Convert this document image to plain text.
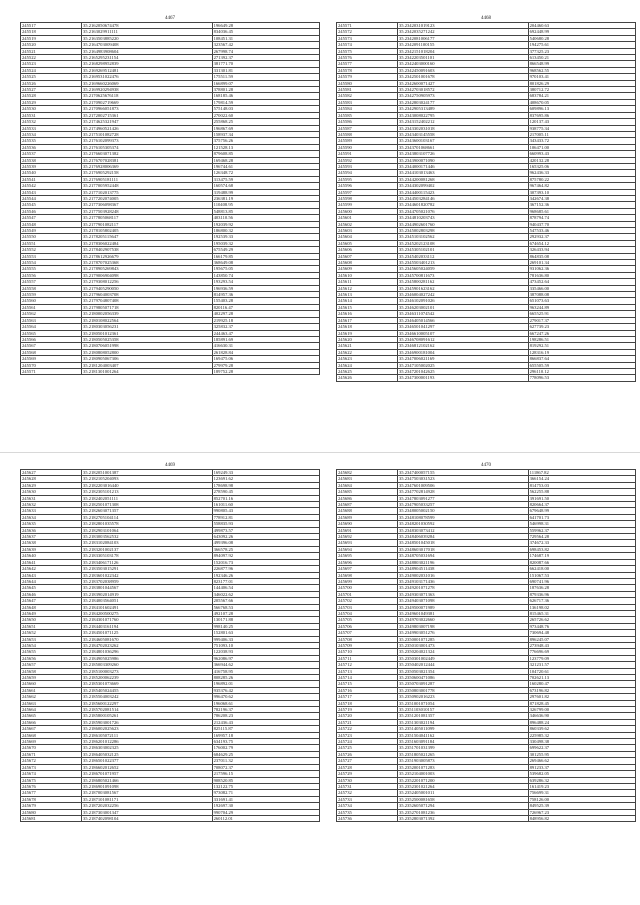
4467
245517	35.2162050674478	196649.28
245518	35.2163029911111	834036.45
245519	35.2163503885220	108451.31
245520	35.2164703009408	323567.42
245521	35.2164983908604	267998.74
245522	35.2165295231154	271392.37
245523	35.2168298952839	381771.70
245524	35.2169269512481	331301.81
245525	35.2169531022476	175511.59
245526	35.2169660226069	166899.07
245527	35.2169920294938	378801.28
245528	35.2170625676118	168185.46
245529	35.2170902719669	179814.59
245530	35.2170966051873	575148.03
245531	35.2172002715361	270022.60
245532	35.2174625321947	255868.25
245533	35.2174960521426	196867.69
245534	35.2175101082728	158937.34
245535	35.2176102099373	375756.26
245536	35.2176105305374	121528.13
245537	35.2176603071382	879608.85
245538	35.2176707028381	169468.28
245539	35.2176928006369	196744.61
245540	35.2176905292158	126348.72
245541	35.2176905181111	313475.59
245542	35.2177005952448	160574.68
245543	35.2177102013775	319488.99
245544	35.2177202074005	236381.19
245545	35.2177306098367	110408.95
245546	35.2177503928248	548813.85
245547	35.2177805068117	403110.56
245548	35.2177901082117	192039.92
245549	35.2178105802405	186800.32
245550	35.2178205115647	192539.33
245551	35.2178306022484	195039.32
245552	35.2178402907538	675549.29
245553	35.2178612926679	166179.85
245554	35.2178707025368	368649.08
245555	35.2178905269843	195675.05
245556	35.2179006904098	143850.74
245557	35.2179308012256	193293.54
245558	35.2179405290050	196936.59
245559	35.2179604003708	814957.36
245560	35.2179704807408	155403.28
245561	35.2179805071718	820116.47
245562	35.2180002056339	402297.28
245563	35.2180108022564	219925.18
245564	35.2180303056231	325832.37
245565	35.2180501012361	244463.47
245566	35.2180505025358	185891.69
245567	35.2180706051998	416630.31
245568	35.2180808052800	261828.84
245569	35.2180905067306	169475.06
245570	35.2181204003407	279979.28
245571	35.2181301001264	189752.28
4468
245571	35.2342031019123	204460.63
245572	35.2342035271242	692448.99
245573	35.2342081006177	540680.28
245574	35.2342091100155	194275.61
245575	35.2342151018204	377325.23
245576	35.2342203501101	613450.21
245577	35.2342403000160	866548.99
245578	35.2342450091603	968562.55
245579	35.2342501001678	970103.41
245580	35.2342600071427	801826.29
245581	35.2342703018572	380712.72
245582	35.2342750905973	683784.21
245583	35.2342803024177	408670.05
245584	35.2342905313489	609896.13
245585	35.2343008022795	837695.86
245586	35.2343152402212	120137.43
245587	35.2343302031018	938775.34
245588	35.2343403145558	217005.11
245589	35.2343600103167	343433.72
245590	35.2343701068661	106471.00
245591	35.2343803107726	660993.43
245592	35.2343900071090	420132.28
245593	35.2344000171446	165325.06
245594	35.2344103013463	962436.33
245595	35.2344200081268	875780.22
245596	35.2344302099402	967464.82
245597	35.2344400115423	307393.10
245598	35.2344503284146	342674.38
245599	35.2344601820782	367152.36
245600	35.2344705021076	968685.61
245601	35.2344810203743	878794.74
245602	35.2344902601760	940437.70
245603	35.2345002803298	547533.46
245604	35.2345103102562	292932.37
245605	35.2345202123108	674654.12
245606	35.2345305102101	326433.94
245607	35.2345402033112	864835.08
245608	35.2345503401213	269101.34
245609	35.2345605024059	931062.36
245610	35.2345700811673	781636.80
245611	35.2345800281162	473452.64
245612	35.2345901623162	335466.00
245613	35.2346004027242	387088.08
245614	35.2346102091026	651073.63
245615	35.2346203002101	963244.89
245616	35.2346311074542	665525.91
245617	35.2346405014566	279017.37
245618	35.2346501041297	627739.23
245619	35.2346610005107	667247.26
245620	35.2346708091612	198286.51
245621	35.2346812102162	819292.51
245622	35.2346900181004	128316.19
245623	35.2347006021169	866837.64
245624	35.2347105002025	655505.59
245625	35.2347201042625	296110.12
245626	35.2347300001193	778096.53
4469
245627	35.2182051001387	169249.33
245628	35.2182105204093	123691.62
245629	35.2182203016440	178698.98
245630	35.2182305101213	278590.45
245631	35.2182402051111	852701.16
245632	35.2182501071308	161011.60
245633	35.2182603071357	990805.43
245634	35.2182705104114	778912.81
245635	35.2182801035578	558835.93
245636	35.2182903101064	499873.57
245637	35.2183003562532	643092.26
245638	35.2183102084103	499396.08
245639	35.2183201002137	366578.25
245640	35.2183305103178	894097.92
245641	35.2183406171126	152016.73
245642	35.2183503015291	226877.96
245643	35.2183601022342	192346.26
245644	35.2183702038959	823177.01
245645	35.2183801044567	144406.54
245646	35.2183902014919	346022.62
245647	35.2184003564051	205567.66
245648	35.2184101602491	566768.53
245649	35.2184200500275	492107.28
245650	35.2184301071760	130171.88
245651	35.2184403161194	998140.25
245652	35.2184501071125	152801.63
245653	35.2184605081670	999406.33
245654	35.2184702023262	751093.10
245655	35.2184801036296	122038.93
245656	35.2184905025986	962086.97
245657	35.2185003309260	366944.62
245658	35.2185100003273	416758.95
245659	35.2185200062239	808285.26
245660	35.2185301073669	196892.01
245661	35.2185405024455	935376.42
245662	35.2185504003242	996470.62
245663	35.2185600122297	196068.61
245664	35.2185702081514	782196.37
245665	35.2185800105261	786208.23
245666	35.2185903001726	212436.43
245667	35.2186002025623	825115.87
245668	35.2186105072111	169957.18
245669	35.2186201012286	634193.75
245670	35.2186303002325	176002.79
245671	35.2186405032125	684629.25
245672	35.2186501022377	237011.32
245673	35.2186602012652	708072.37
245674	35.2186701071957	217596.15
245675	35.2186805021466	908520.85
245676	35.2186901091098	132122.75
245677	35.2187003081567	973082.71
245678	35.2187101081171	331691.41
245679	35.2187202032256	192697.30
245680	35.2187303001347	990704.29
245681	35.2187402098104	260112.01
4470
245682	35.2347400057155	111867.82
245683	35.2347503031523	366154.24
245684	35.2347601009506	814753.03
245685	35.2347702814928	562255.88
245686	35.2347803091277	391691.50
245687	35.2347905033257	820664.37
245688	35.2348005002150	679648.99
245689	35.2348108078599	641701.73
245690	35.2348201030592	546998.31
245691	35.2348303073412	559962.37
245692	35.2348406039284	729564.28
245693	35.2348501045018	374672.33
245694	35.2348603017018	698453.82
245695	35.2348705031694	174687.19
245696	35.2348803021196	820087.66
245697	35.2348904511438	662418.00
245698	35.2349002031016	151067.53
245699	35.2349103171436	690741.96
245700	35.2349201071278	187636.28
245701	35.2349303071363	879336.96
245702	35.2349403071098	626717.36
245703	35.2349500071989	136198.02
245704	35.2349601049381	815465.31
245705	35.2349703022660	265726.62
245706	35.2349803007198	973448.76
245707	35.2349903051276	730694.48
245708	35.2350001071285	896245.07
245709	35.2350103001473	273948.43
245710	35.2350204021324	776696.69
245711	35.2350301002449	123779.09
245712	35.2350402012444	321231.57
245713	35.2350503021354	104720.61
245714	35.2350600471086	702621.13
245715	35.2350703091287	160280.47
245716	35.2350803001778	673196.82
245717	35.2350902016223	297601.82
245718	35.2351001071054	871828.45
245719	35.2351103010157	326799.00
245720	35.2351201081357	346636.90
245721	35.2351303021194	896488.24
245722	35.2351405011099	860339.62
245723	35.2351504041162	225985.32
245724	35.2351603091184	330498.38
245725	35.2351701031399	699622.37
245726	35.2351805021265	301255.95
245727	35.2351903005873	269466.62
245728	35.2352001071283	891233.37
245729	35.2352104001003	539682.05
245730	35.2352201071200	639286.32
245731	35.2352301021264	161419.23
245732	35.2352405001011	756699.31
245733	35.2352500081658	758126.00
245734	35.2352605071294	849525.39
245735	35.2352701081236	726967.23
245736	35.2352803071392	848956.82
